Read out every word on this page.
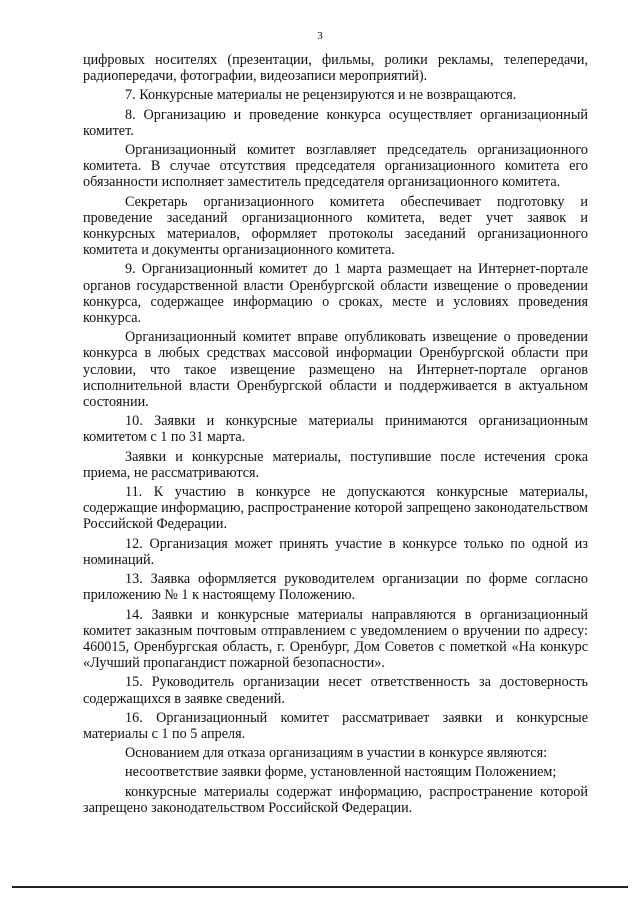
3

цифровых носителях (презентации, фильмы, ролики рекламы, телепередачи, радиопередачи, фотографии, видеозаписи мероприятий).

7. Конкурсные материалы не рецензируются и не возвращаются.

8. Организацию и проведение конкурса осуществляет организационный комитет.

Организационный комитет возглавляет председатель организационного комитета. В случае отсутствия председателя организационного комитета его обязанности исполняет заместитель председателя организационного комитета.

Секретарь организационного комитета обеспечивает подготовку и проведение заседаний организационного комитета, ведет учет заявок и конкурсных материалов, оформляет протоколы заседаний организационного комитета и документы организационного комитета.

9. Организационный комитет до 1 марта размещает на Интернет-портале органов государственной власти Оренбургской области извещение о проведении конкурса, содержащее информацию о сроках, месте и условиях проведения конкурса.

Организационный комитет вправе опубликовать извещение о проведении конкурса в любых средствах массовой информации Оренбургской области при условии, что такое извещение размещено на Интернет-портале органов исполнительной власти Оренбургской области и поддерживается в актуальном состоянии.

10. Заявки и конкурсные материалы принимаются организационным комитетом с 1 по 31 марта.

Заявки и конкурсные материалы, поступившие после истечения срока приема, не рассматриваются.

11. К участию в конкурсе не допускаются конкурсные материалы, содержащие информацию, распространение которой запрещено законодательством Российской Федерации.

12. Организация может принять участие в конкурсе только по одной из номинаций.

13. Заявка оформляется руководителем организации по форме согласно приложению № 1 к настоящему Положению.

14. Заявки и конкурсные материалы направляются в организационный комитет заказным почтовым отправлением с уведомлением о вручении по адресу: 460015, Оренбургская область, г. Оренбург, Дом Советов с пометкой «На конкурс «Лучший пропагандист пожарной безопасности».

15. Руководитель организации несет ответственность за достоверность содержащихся в заявке сведений.

16. Организационный комитет рассматривает заявки и конкурсные материалы с 1 по 5 апреля.

Основанием для отказа организациям в участии в конкурсе являются:

несоответствие заявки форме, установленной настоящим Положением;

конкурсные материалы содержат информацию, распространение которой запрещено законодательством Российской Федерации.
